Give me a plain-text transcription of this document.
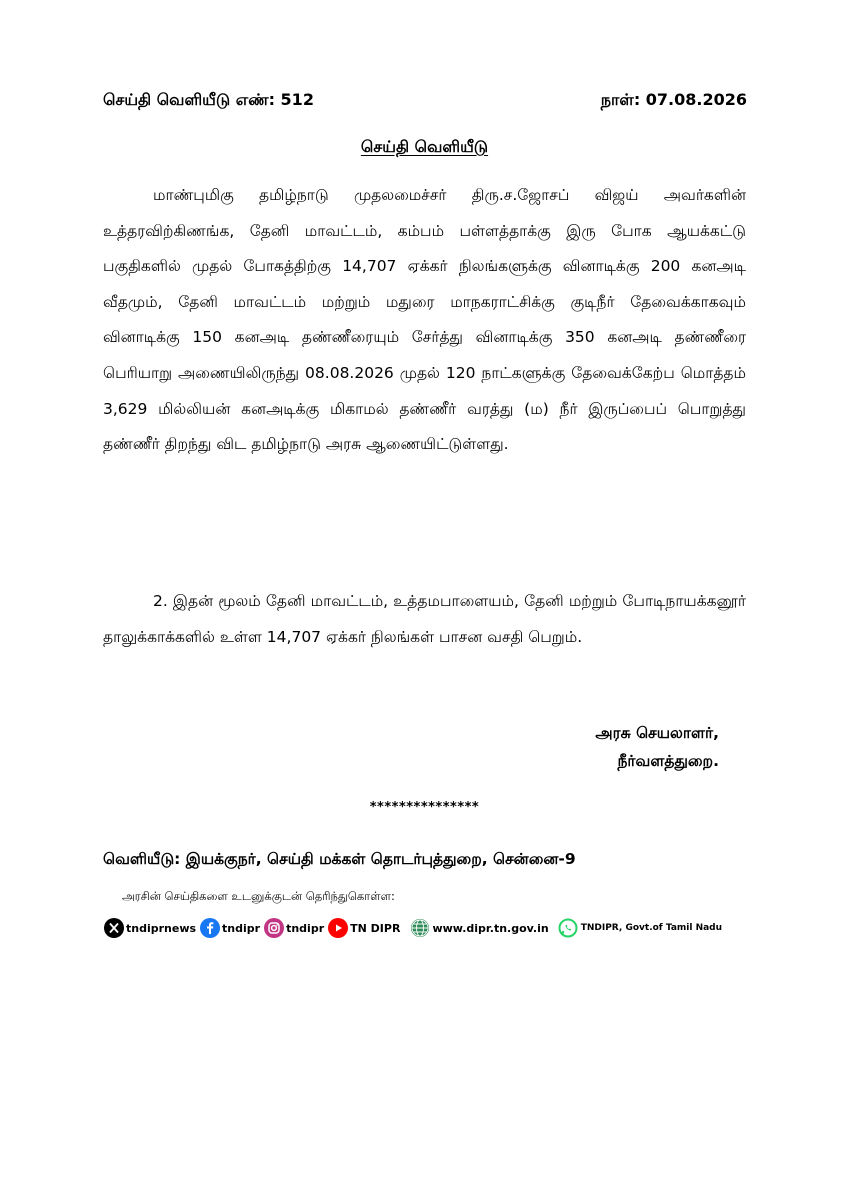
செய்தி வெளியீடு எண்: 512	நாள்: 07.08.2026
செய்தி வெளியீடு
மாண்புமிகு தமிழ்நாடு முதலமைச்சர் திரு.ச.ஜோசப் விஜய் அவர்களின் உத்தரவிற்கிணங்க, தேனி மாவட்டம், கம்பம் பள்ளத்தாக்கு இரு போக ஆயக்கட்டு பகுதிகளில் முதல் போகத்திற்கு 14,707 ஏக்கர் நிலங்களுக்கு வினாடிக்கு 200 கனஅடி வீதமும், தேனி மாவட்டம் மற்றும் மதுரை மாநகராட்சிக்கு குடிநீர் தேவைக்காகவும் வினாடிக்கு 150 கனஅடி தண்ணீரையும் சேர்த்து வினாடிக்கு 350 கனஅடி தண்ணீரை பெரியாறு அணையிலிருந்து 08.08.2026 முதல் 120 நாட்களுக்கு தேவைக்கேற்ப மொத்தம் 3,629 மில்லியன் கனஅடிக்கு மிகாமல் தண்ணீர் வரத்து (ம) நீர் இருப்பைப் பொறுத்து தண்ணீர் திறந்து விட தமிழ்நாடு அரசு ஆணையிட்டுள்ளது.
2. இதன் மூலம் தேனி மாவட்டம், உத்தமபாளையம், தேனி மற்றும் போடிநாயக்கனூர் தாலுக்காக்களில் உள்ள 14,707 ஏக்கர் நிலங்கள் பாசன வசதி பெறும்.
அரசு செயலாளர்,
நீர்வளத்துறை.
***************
வெளியீடு: இயக்குநர், செய்தி மக்கள் தொடர்புத்துறை, சென்னை-9
அரசின் செய்திகளை உடனுக்குடன் தெரிந்துகொள்ள:
tndiprnews tndipr tndipr TN DIPR	www.dipr.tn.gov.in	TNDIPR, Govt.of Tamil Nadu
